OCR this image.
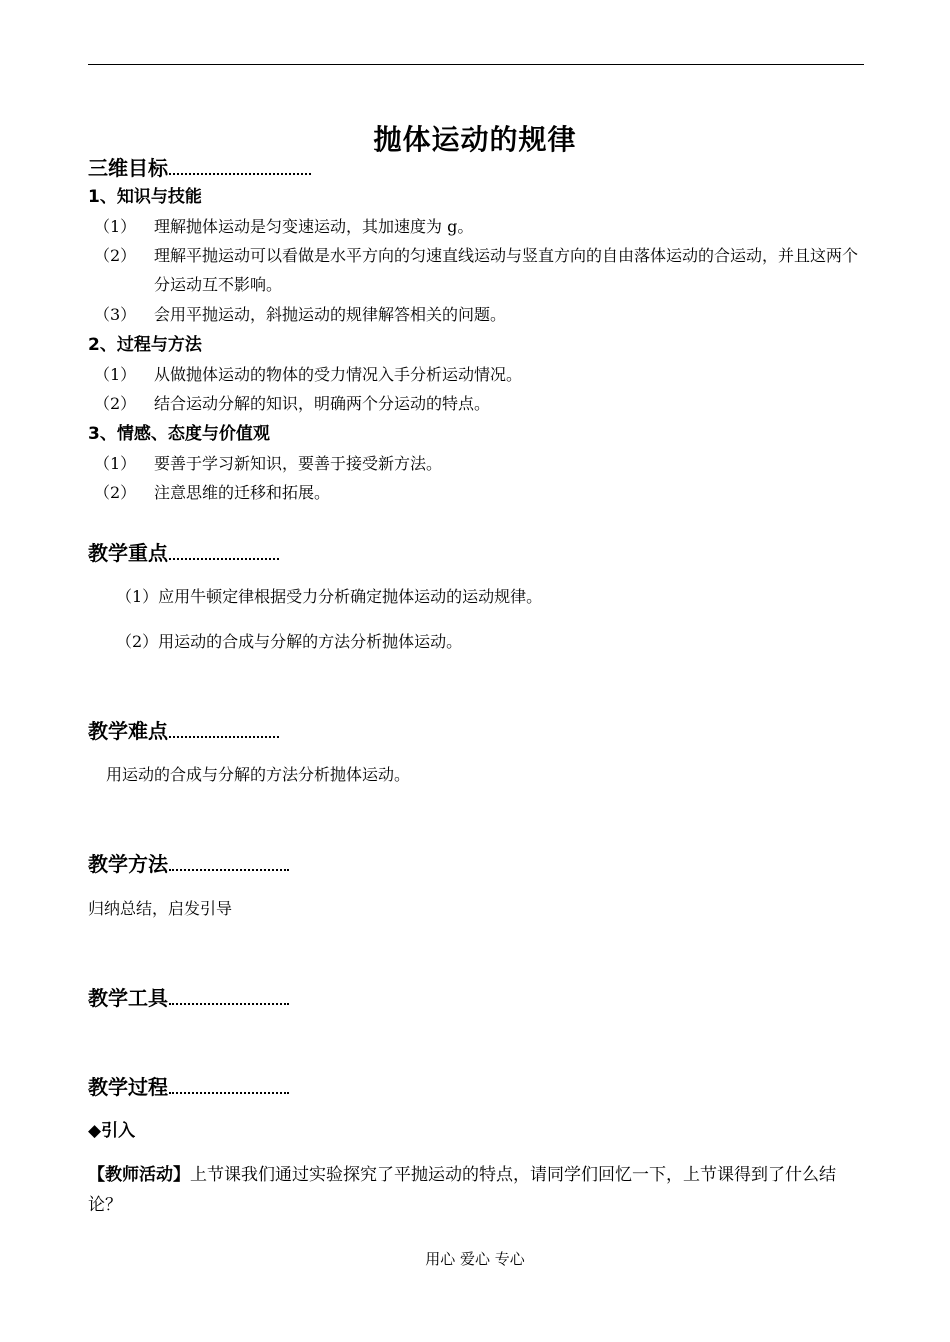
抛体运动的规律
三维目标
1、知识与技能
（1） 理解抛体运动是匀变速运动，其加速度为 g。
（2） 理解平抛运动可以看做是水平方向的匀速直线运动与竖直方向的自由落体运动的合运动，并且这两个分运动互不影响。
（3） 会用平抛运动，斜抛运动的规律解答相关的问题。
2、过程与方法
（1） 从做抛体运动的物体的受力情况入手分析运动情况。
（2） 结合运动分解的知识，明确两个分运动的特点。
3、情感、态度与价值观
（1） 要善于学习新知识，要善于接受新方法。
（2） 注意思维的迁移和拓展。
教学重点
（1）应用牛顿定律根据受力分析确定抛体运动的运动规律。
（2）用运动的合成与分解的方法分析抛体运动。
教学难点
用运动的合成与分解的方法分析抛体运动。
教学方法
归纳总结，启发引导
教学工具
教学过程
◆引入
【教师活动】上节课我们通过实验探究了平抛运动的特点，请同学们回忆一下，上节课得到了什么结论？
用心 爱心 专心
